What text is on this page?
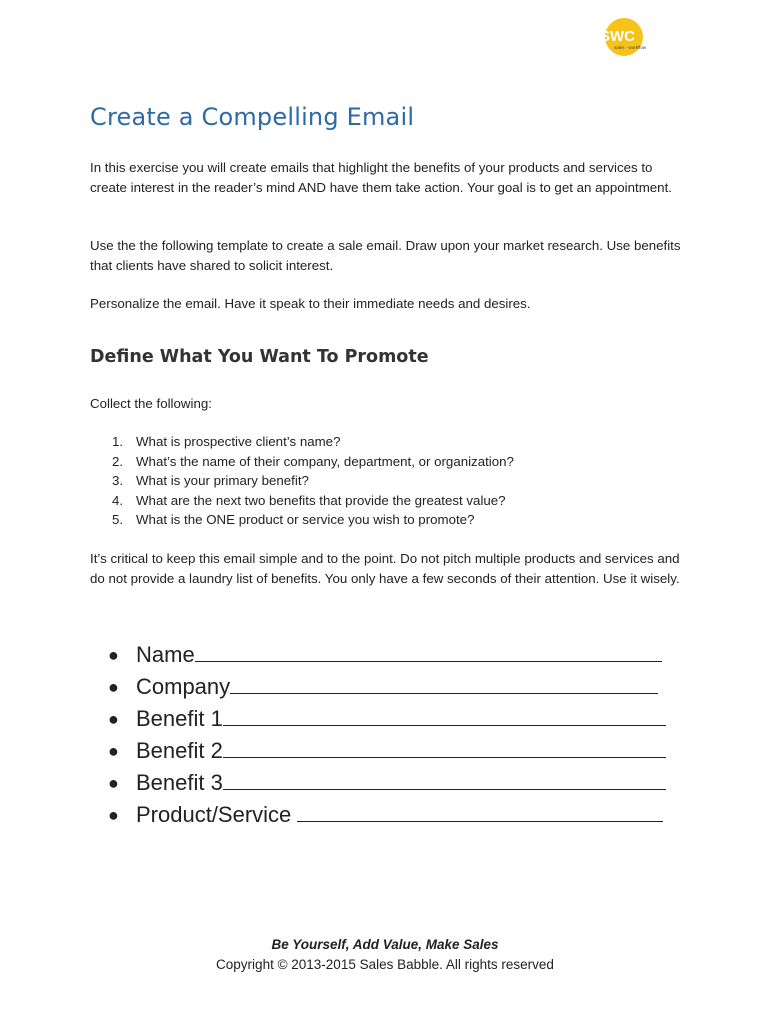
SWC
sales · workflow
Create a Compelling Email

In this exercise you will create emails that highlight the benefits of your products and services to create interest in the reader’s mind AND have them take action. Your goal is to get an appointment.

Use the the following template to create a sale email. Draw upon your market research. Use benefits that clients have shared to solicit interest.

Personalize the email. Have it speak to their immediate needs and desires.

Define What You Want To Promote

Collect the following:

1. What is prospective client’s name?
2. What’s the name of their company, department, or organization?
3. What is your primary benefit?
4. What are the next two benefits that provide the greatest value?
5. What is the ONE product or service you wish to promote?

It’s critical to keep this email simple and to the point. Do not pitch multiple products and services and do not provide a laundry list of benefits. You only have a few seconds of their attention. Use it wisely.

● Name
● Company
● Benefit 1
● Benefit 2
● Benefit 3
● Product/Service
Be Yourself, Add Value, Make Sales
Copyright © 2013-2015 Sales Babble. All rights reserved
